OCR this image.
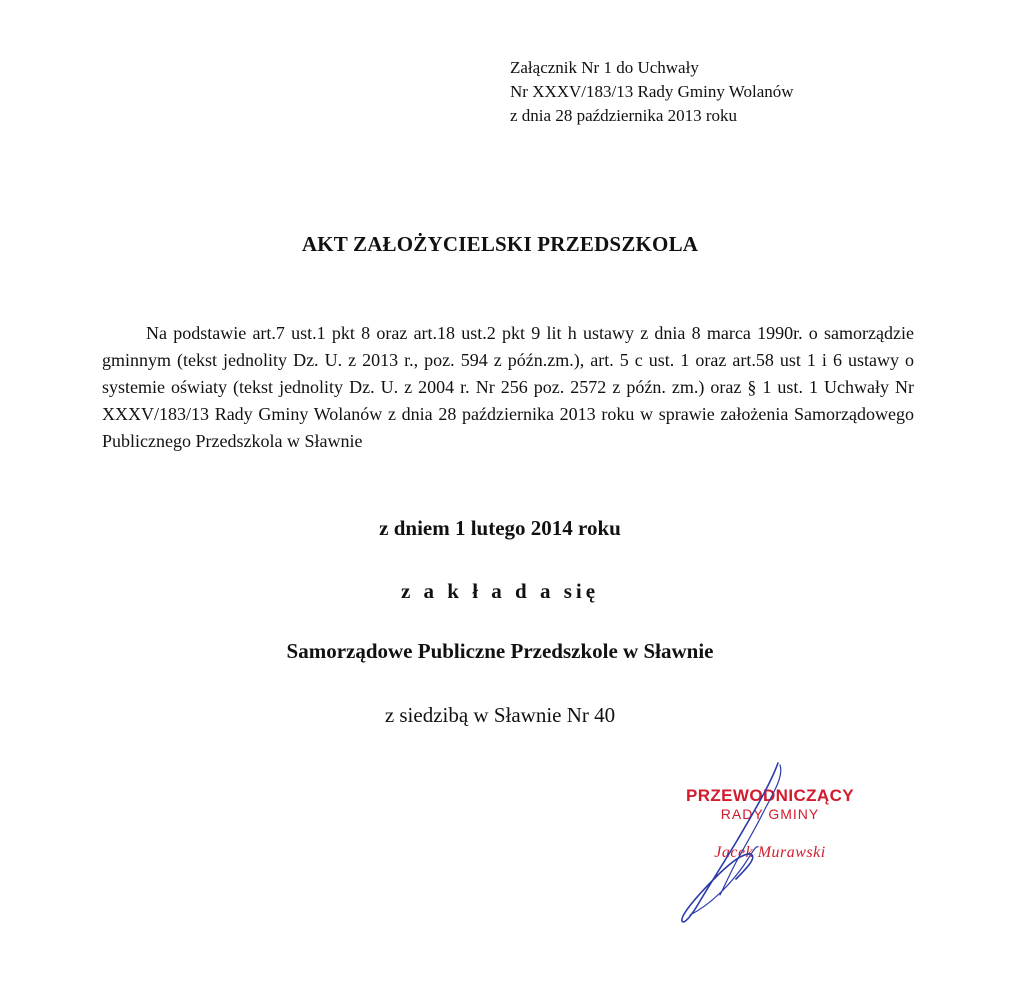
Załącznik Nr 1 do Uchwały
Nr XXXV/183/13 Rady Gminy Wolanów
z dnia 28 października 2013 roku
AKT ZAŁOŻYCIELSKI PRZEDSZKOLA
Na podstawie art.7 ust.1 pkt 8 oraz art.18 ust.2 pkt 9 lit h ustawy z dnia 8 marca 1990r. o samorządzie gminnym (tekst jednolity Dz. U. z 2013 r., poz. 594 z późn.zm.), art. 5 c ust. 1 oraz art.58 ust 1 i 6 ustawy o systemie oświaty (tekst jednolity Dz. U. z 2004 r. Nr 256 poz. 2572 z późn. zm.) oraz § 1 ust. 1 Uchwały Nr XXXV/183/13 Rady Gminy Wolanów z dnia 28 października 2013 roku w sprawie założenia Samorządowego Publicznego Przedszkola w Sławnie
z dniem 1 lutego 2014 roku
z a k ł a d a się
Samorządowe Publiczne Przedszkole w Sławnie
z siedzibą w Sławnie Nr 40
PRZEWODNICZĄCY
RADY GMINY
Jacek Murawski
